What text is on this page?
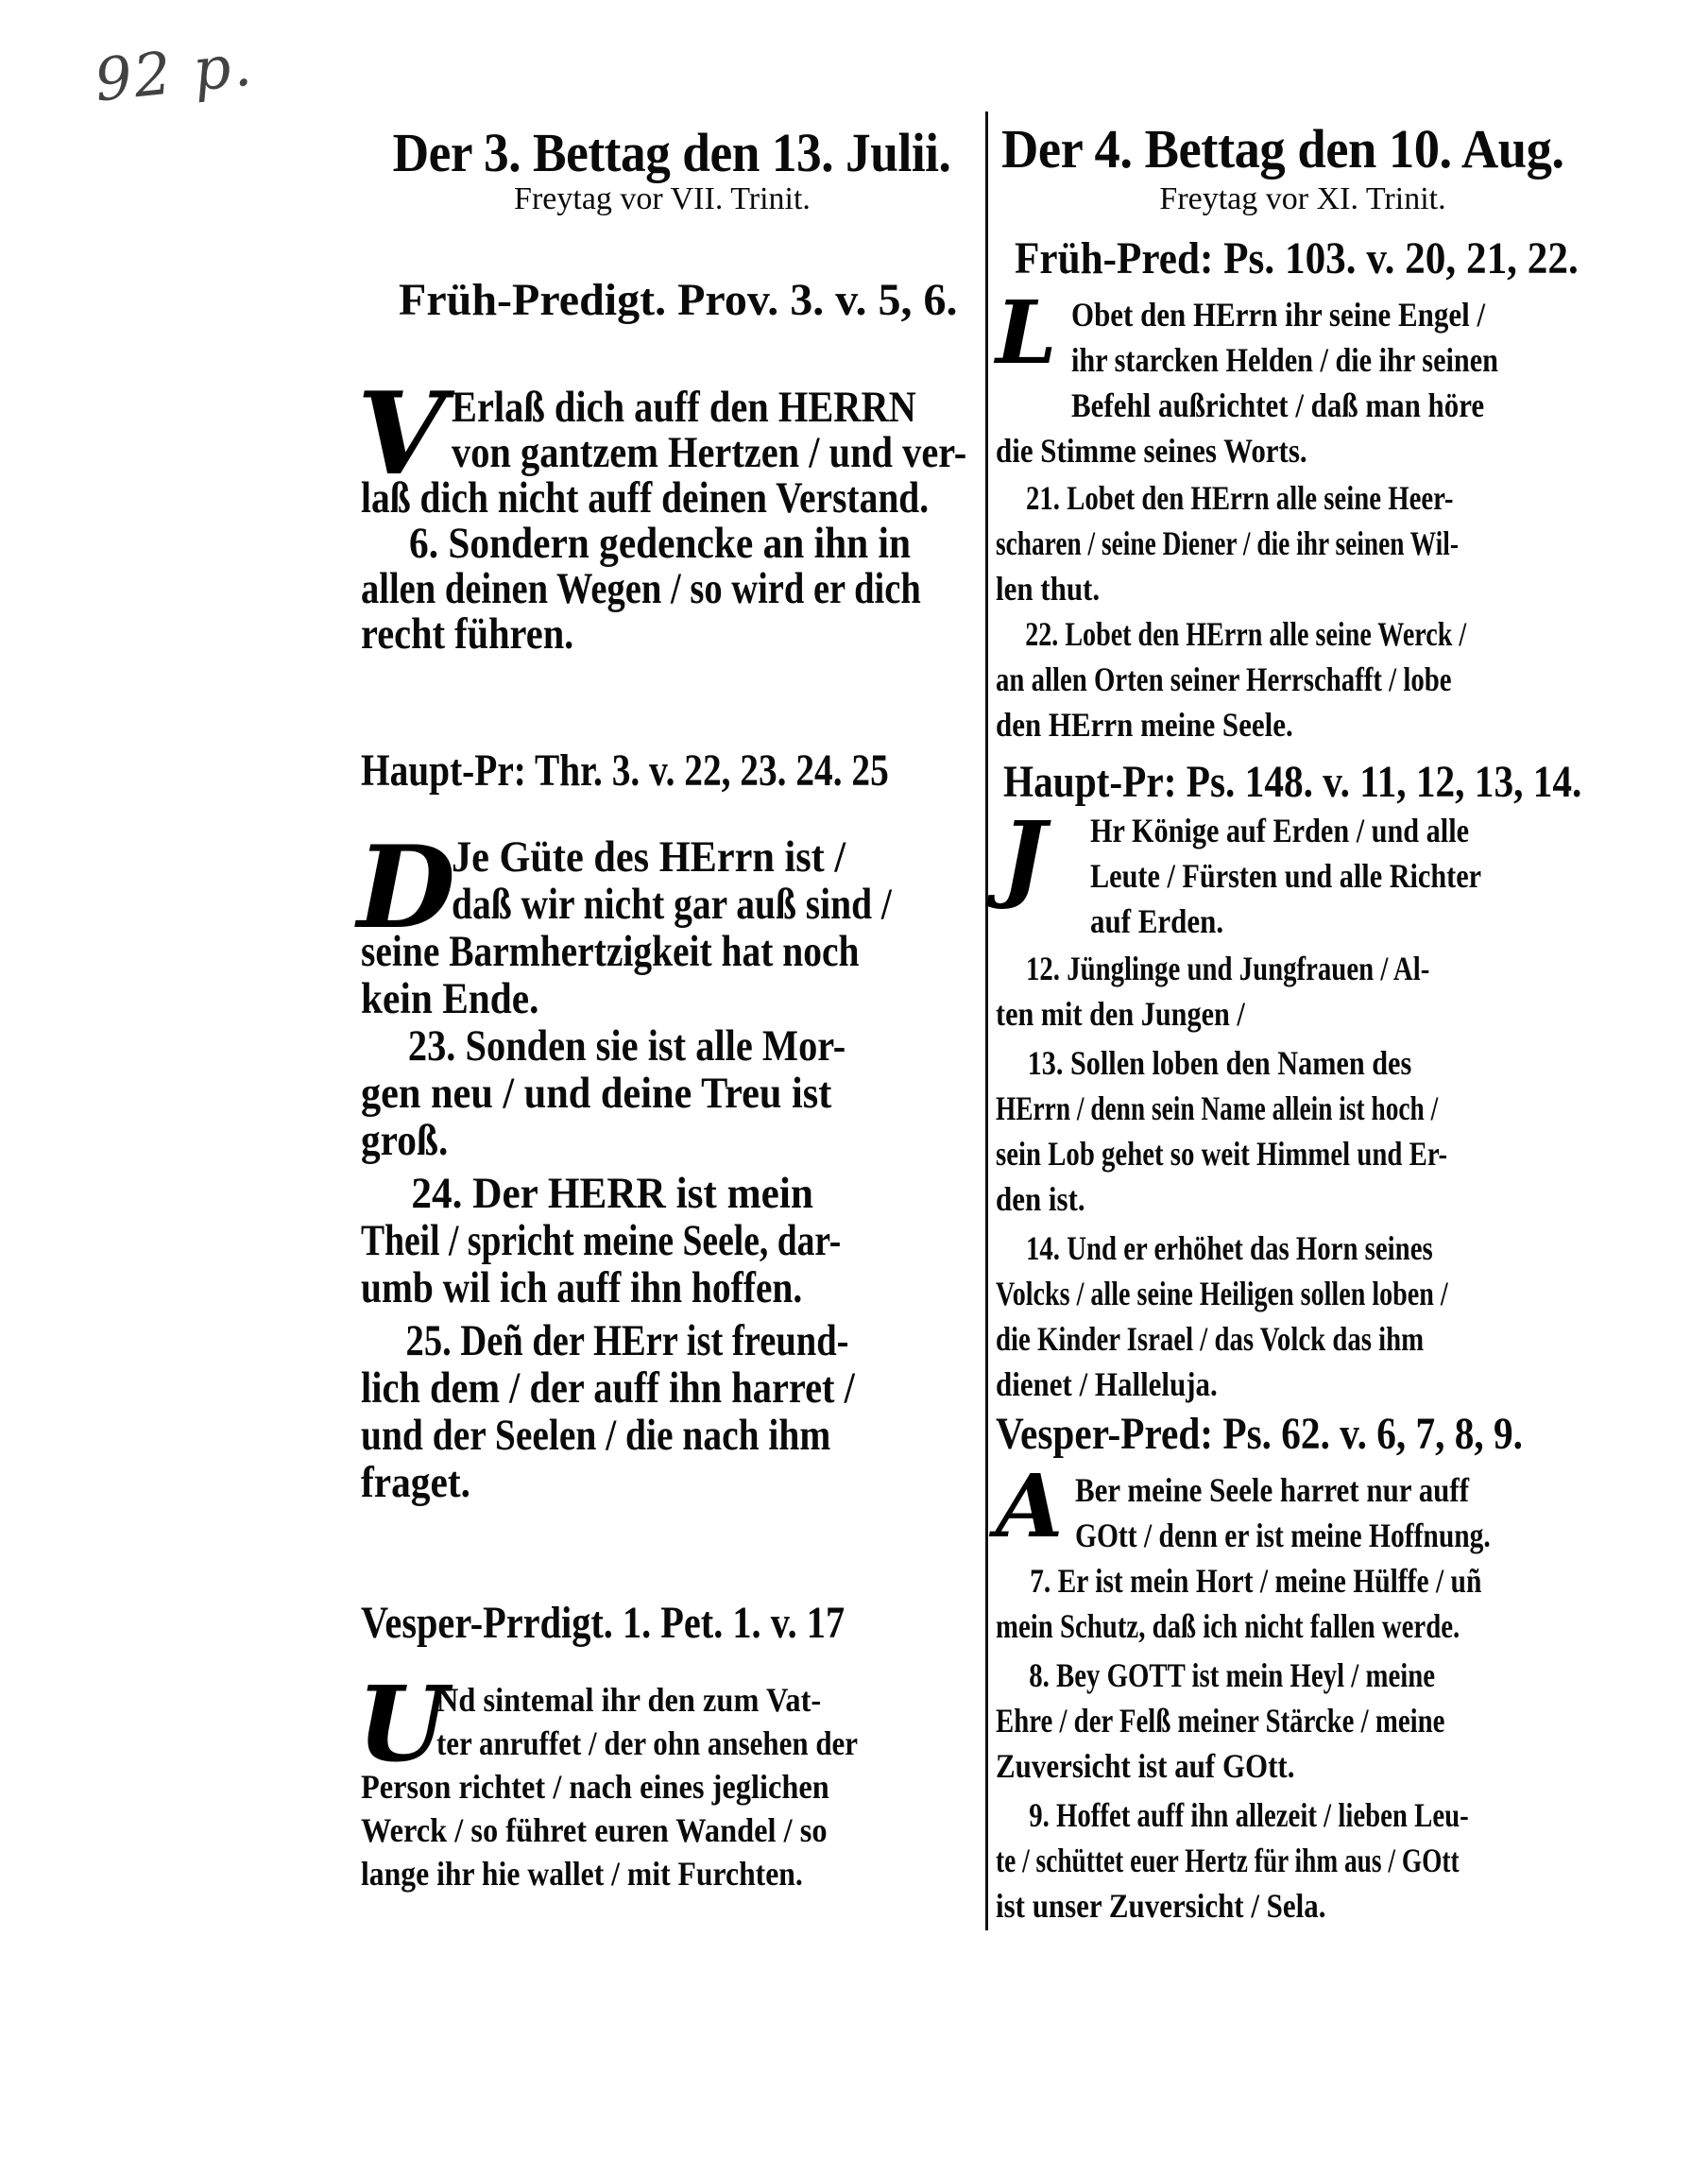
92 p.
Der 3. Bettag den 13. Julii.
Freytag vor VII. Trinit.
Früh-Predigt. Prov. 3. v. 5, 6.
V Erlaß dich auff den HERRN
von gantzem Hertzen / und ver-
laß dich nicht auff deinen Verstand.
6. Sondern gedencke an ihn in
allen deinen Wegen / so wird er dich
recht führen.
Haupt-Pr: Thr. 3. v. 22, 23. 24. 25
D
Je Güte des HErrn ist /
daß wir nicht gar auß sind /
seine Barmhertzigkeit hat noch
kein Ende.
23. Sonden sie ist alle Mor-
gen neu / und deine Treu ist
groß.
24. Der HERR ist mein
Theil / spricht meine Seele, dar-
umb wil ich auff ihn hoffen.
25. Deñ der HErr ist freund-
lich dem / der auff ihn harret /
und der Seelen / die nach ihm
fraget.
Vesper-Prrdigt. 1. Pet. 1. v. 17
U
Nd sintemal ihr den zum Vat-
ter anruffet / der ohn ansehen der
Person richtet / nach eines jeglichen
Werck / so führet euren Wandel / so
lange ihr hie wallet / mit Furchten.
Der 4. Bettag den 10. Aug.
Freytag vor XI. Trinit.
Früh-Pred: Ps. 103. v. 20, 21, 22.
L Obet den HErrn ihr seine Engel /
ihr starcken Helden / die ihr seinen
Befehl außrichtet / daß man höre
die Stimme seines Worts.
21. Lobet den HErrn alle seine Heer-
scharen / seine Diener / die ihr seinen Wil-
len thut.
22. Lobet den HErrn alle seine Werck /
an allen Orten seiner Herrschafft / lobe
den HErrn meine Seele.
Haupt-Pr: Ps. 148. v. 11, 12, 13, 14.
J Hr Könige auf Erden / und alle
Leute / Fürsten und alle Richter
auf Erden.
12. Jünglinge und Jungfrauen / Al-
ten mit den Jungen /
13. Sollen loben den Namen des
HErrn / denn sein Name allein ist hoch /
sein Lob gehet so weit Himmel und Er-
den ist.
14. Und er erhöhet das Horn seines
Volcks / alle seine Heiligen sollen loben /
die Kinder Israel / das Volck das ihm
dienet / Halleluja.
Vesper-Pred: Ps. 62. v. 6, 7, 8, 9.
A Ber meine Seele harret nur auff
GOtt / denn er ist meine Hoffnung.
7. Er ist mein Hort / meine Hülffe / uñ
mein Schutz, daß ich nicht fallen werde.
8. Bey GOTT ist mein Heyl / meine
Ehre / der Felß meiner Stärcke / meine
Zuversicht ist auf GOtt.
9. Hoffet auff ihn allezeit / lieben Leu-
te / schüttet euer Hertz für ihm aus / GOtt
ist unser Zuversicht / Sela.
